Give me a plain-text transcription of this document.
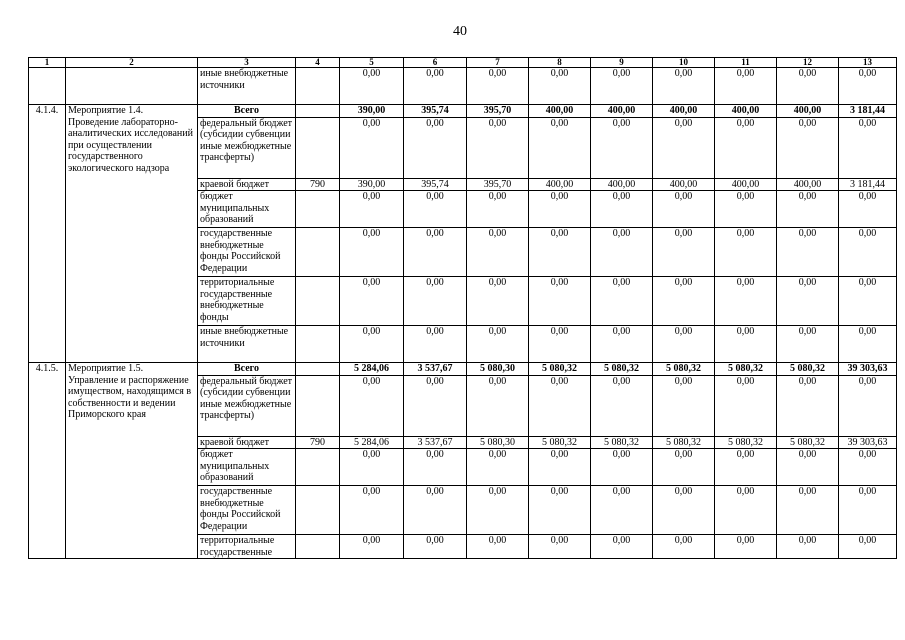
40
1	2	3	4	5	6	7	8	9	10	11	12	13
		иные внебюджетные источники		0,00	0,00	0,00	0,00	0,00	0,00	0,00	0,00	0,00
4.1.4.	Мероприятие 1.4. Проведение лабораторно-аналитических исследований при осуществлении государственного экологического надзора	Всего		390,00	395,74	395,70	400,00	400,00	400,00	400,00	400,00	3 181,44
		федеральный бюджет (субсидии субвенции иные межбюджетные трансферты)		0,00	0,00	0,00	0,00	0,00	0,00	0,00	0,00	0,00
		краевой бюджет	790	390,00	395,74	395,70	400,00	400,00	400,00	400,00	400,00	3 181,44
		бюджет муниципальных образований		0,00	0,00	0,00	0,00	0,00	0,00	0,00	0,00	0,00
		государственные внебюджетные фонды Российской Федерации		0,00	0,00	0,00	0,00	0,00	0,00	0,00	0,00	0,00
		территориальные государственные внебюджетные фонды		0,00	0,00	0,00	0,00	0,00	0,00	0,00	0,00	0,00
		иные внебюджетные источники		0,00	0,00	0,00	0,00	0,00	0,00	0,00	0,00	0,00
4.1.5.	Мероприятие 1.5. Управление и распоряжение имуществом, находящимся в собственности и ведении Приморского края	Всего		5 284,06	3 537,67	5 080,30	5 080,32	5 080,32	5 080,32	5 080,32	5 080,32	39 303,63
		федеральный бюджет (субсидии субвенции иные межбюджетные трансферты)		0,00	0,00	0,00	0,00	0,00	0,00	0,00	0,00	0,00
		краевой бюджет	790	5 284,06	3 537,67	5 080,30	5 080,32	5 080,32	5 080,32	5 080,32	5 080,32	39 303,63
		бюджет муниципальных образований		0,00	0,00	0,00	0,00	0,00	0,00	0,00	0,00	0,00
		государственные внебюджетные фонды Российской Федерации		0,00	0,00	0,00	0,00	0,00	0,00	0,00	0,00	0,00
		территориальные государственные		0,00	0,00	0,00	0,00	0,00	0,00	0,00	0,00	0,00
